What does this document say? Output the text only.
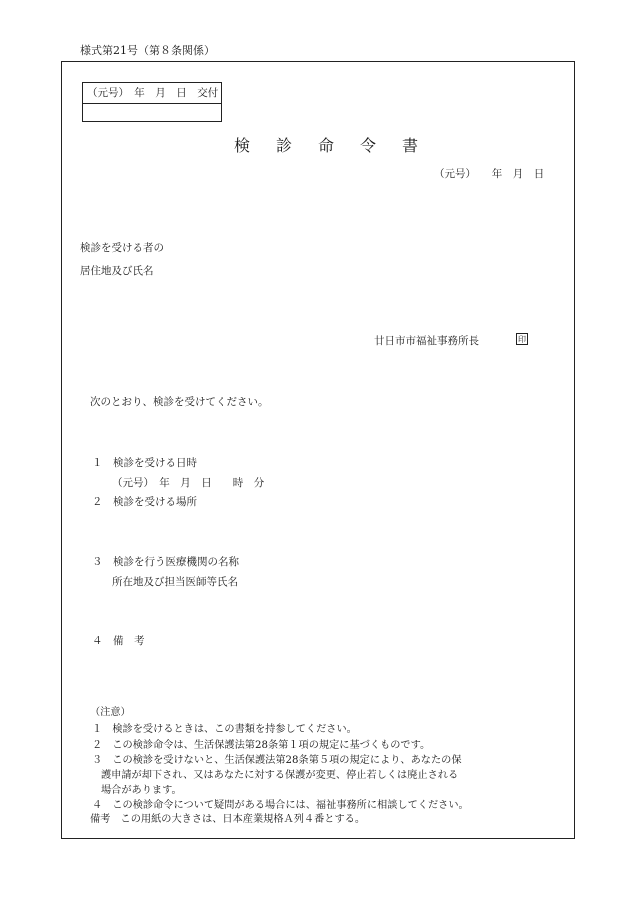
様式第21号（第８条関係）
（元号）　年　月　日　交付
検診命令書
（元号）　　年　月　日
検診を受ける者の
居住地及び氏名
廿日市市福祉事務所長	印
次のとおり、検診を受けてください。
１　検診を受ける日時
（元号）　年　月　日　　時　分
２　検診を受ける場所
３　検診を行う医療機関の名称
所在地及び担当医師等氏名
４　備　考
（注意）
１　検診を受けるときは、この書類を持参してください。
２　この検診命令は、生活保護法第28条第１項の規定に基づくものです。
３　この検診を受けないと、生活保護法第28条第５項の規定により、あなたの保
護申請が却下され、又はあなたに対する保護が変更、停止若しくは廃止される
場合があります。
４　この検診命令について疑問がある場合には、福祉事務所に相談してください。
備考　この用紙の大きさは、日本産業規格Ａ列４番とする。
